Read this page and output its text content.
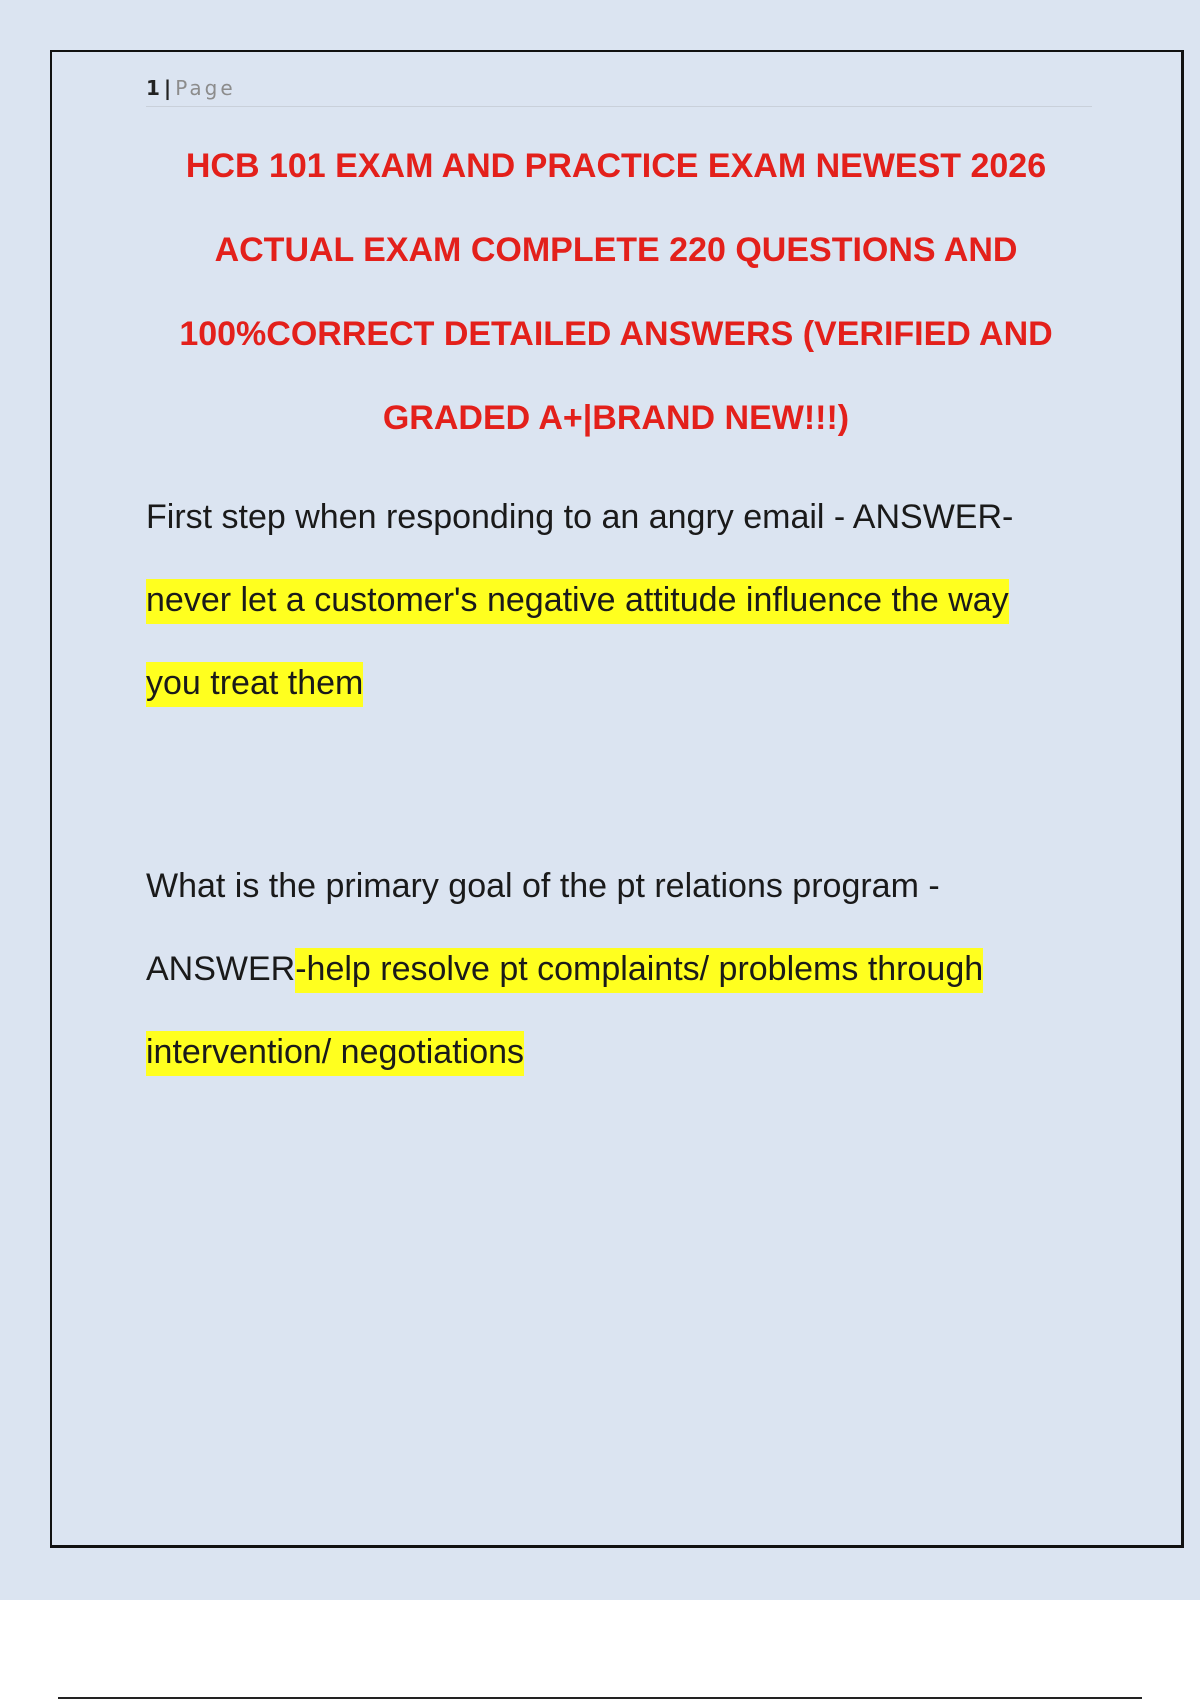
1 | Page
HCB 101 EXAM AND PRACTICE EXAM NEWEST 2026
ACTUAL EXAM COMPLETE 220 QUESTIONS AND
100%CORRECT DETAILED ANSWERS (VERIFIED AND
GRADED A+|BRAND NEW!!!)
First step when responding to an angry email - ANSWER-
never let a customer's negative attitude influence the way
you treat them
What is the primary goal of the pt relations program -
ANSWER-help resolve pt complaints/ problems through
intervention/ negotiations
